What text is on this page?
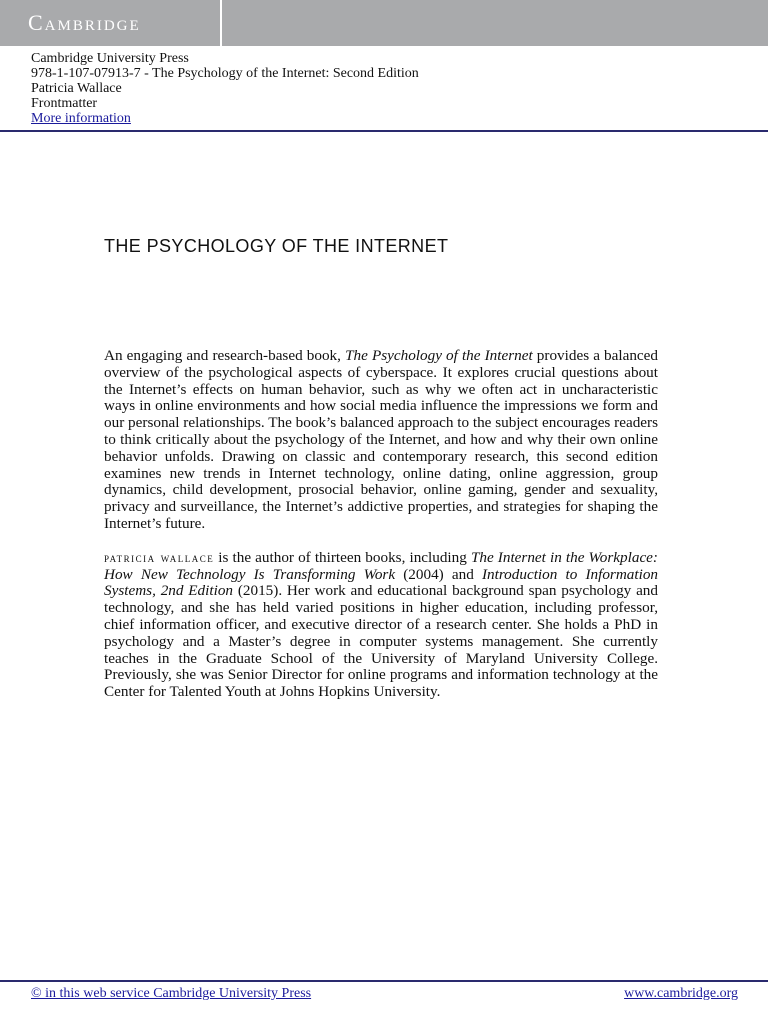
Cambridge
Cambridge University Press
978-1-107-07913-7 - The Psychology of the Internet: Second Edition
Patricia Wallace
Frontmatter
More information
THE PSYCHOLOGY OF THE INTERNET

An engaging and research-based book, The Psychology of the Internet provides a balanced overview of the psychological aspects of cyberspace. It explores crucial questions about the Internet’s effects on human behavior, such as why we often act in uncharacteristic ways in online environments and how social media influence the impressions we form and our personal relationships. The book’s balanced approach to the subject encourages readers to think critically about the psychology of the Internet, and how and why their own online behavior unfolds. Drawing on classic and contemporary research, this second edition examines new trends in Internet technology, online dating, online aggression, group dynamics, child development, prosocial behavior, online gaming, gender and sexuality, privacy and surveillance, the Internet’s addictive properties, and strategies for shaping the Internet’s future.

patricia wallace is the author of thirteen books, including The Internet in the Workplace: How New Technology Is Transforming Work (2004) and Introduction to Information Systems, 2nd Edition (2015). Her work and educational background span psychology and technology, and she has held varied positions in higher education, including professor, chief information officer, and executive director of a research center. She holds a PhD in psychology and a Master’s degree in computer systems management. She currently teaches in the Graduate School of the University of Maryland University College. Previously, she was Senior Director for online programs and information technology at the Center for Talented Youth at Johns Hopkins University.

© in this web service Cambridge University Press	www.cambridge.org
